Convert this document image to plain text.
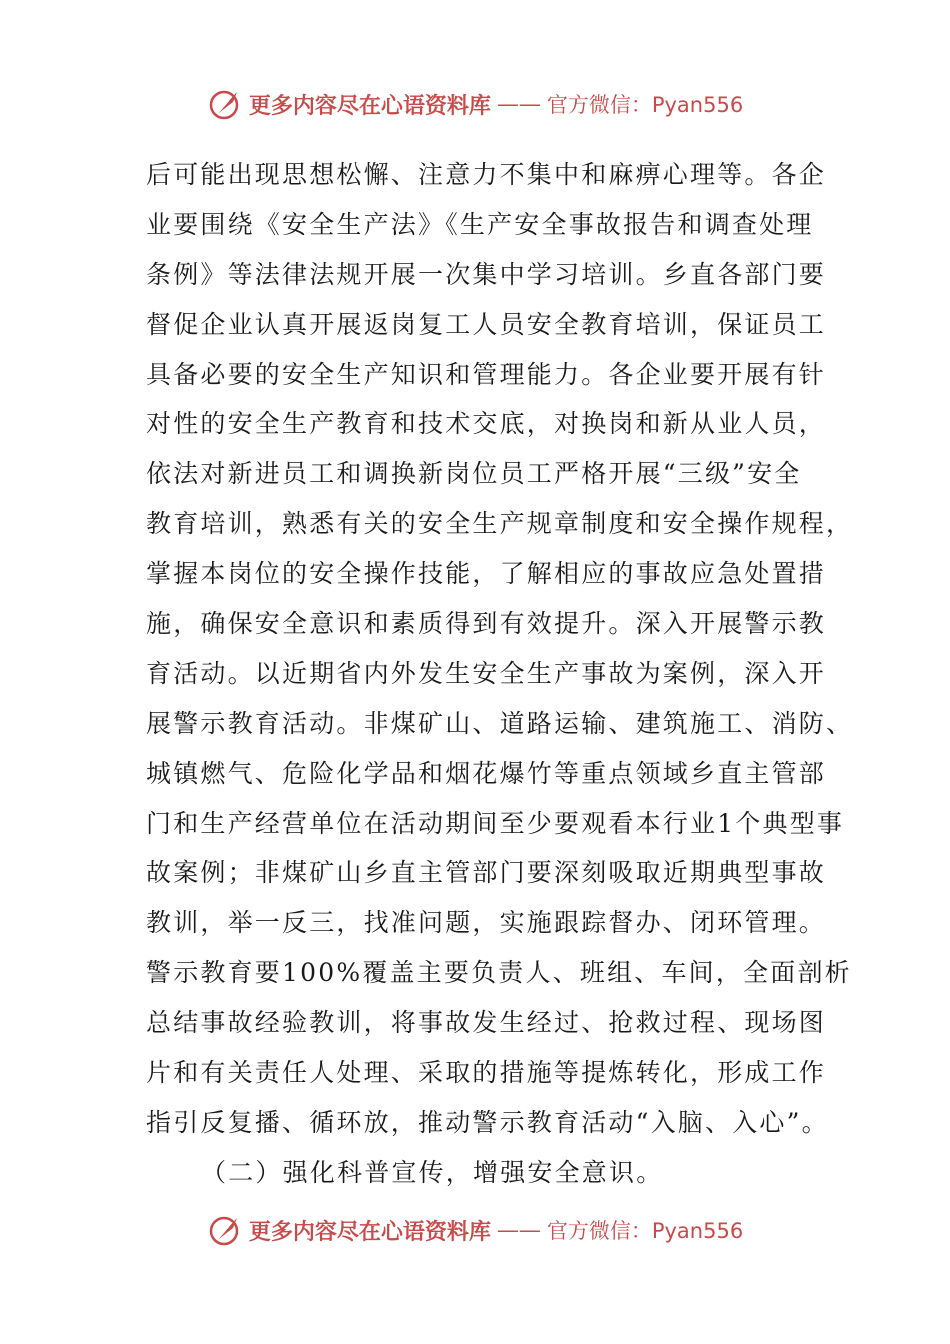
更多内容尽在心语资料库 —— 官方微信：Pyan556
后可能出现思想松懈、注意力不集中和麻痹心理等。各企
业要围绕《安全生产法》《生产安全事故报告和调查处理
条例》等法律法规开展一次集中学习培训。乡直各部门要
督促企业认真开展返岗复工人员安全教育培训，保证员工
具备必要的安全生产知识和管理能力。各企业要开展有针
对性的安全生产教育和技术交底，对换岗和新从业人员，
依法对新进员工和调换新岗位员工严格开展“三级”安全
教育培训，熟悉有关的安全生产规章制度和安全操作规程，
掌握本岗位的安全操作技能，了解相应的事故应急处置措
施，确保安全意识和素质得到有效提升。深入开展警示教
育活动。以近期省内外发生安全生产事故为案例，深入开
展警示教育活动。非煤矿山、道路运输、建筑施工、消防、
城镇燃气、危险化学品和烟花爆竹等重点领域乡直主管部
门和生产经营单位在活动期间至少要观看本行业1个典型事
故案例；非煤矿山乡直主管部门要深刻吸取近期典型事故
教训，举一反三，找准问题，实施跟踪督办、闭环管理。
警示教育要100%覆盖主要负责人、班组、车间，全面剖析
总结事故经验教训，将事故发生经过、抢救过程、现场图
片和有关责任人处理、采取的措施等提炼转化，形成工作
指引反复播、循环放，推动警示教育活动“入脑、入心”。
（二）强化科普宣传，增强安全意识。
更多内容尽在心语资料库 —— 官方微信：Pyan556
